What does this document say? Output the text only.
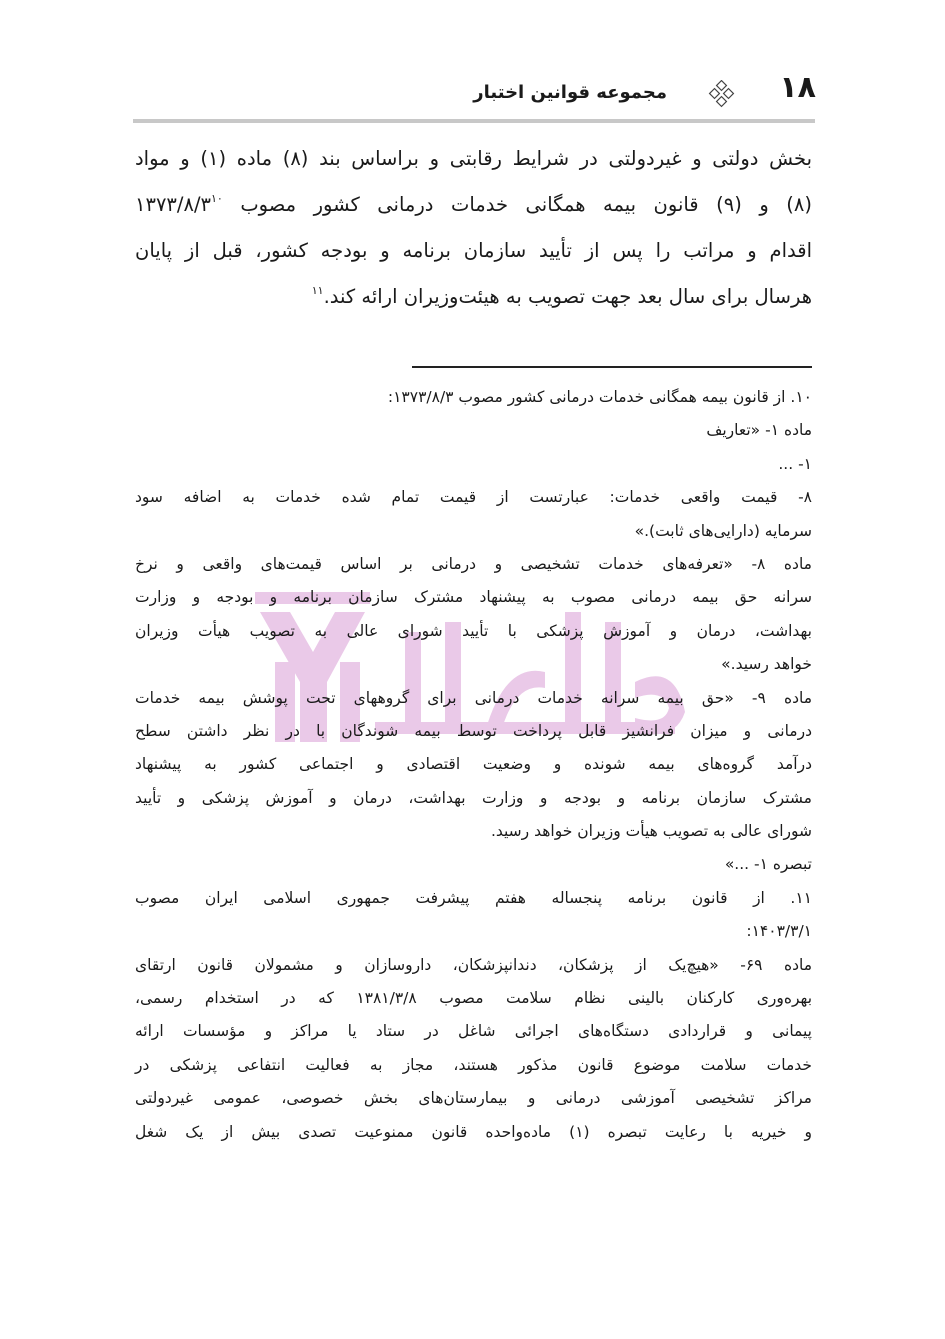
۱۸
مجموعه قوانین اختبار
بخش دولتی و غیردولتی در شرایط رقابتی و براساس بند (۸) ماده (۱) و مواد
(۸) و (۹) قانون بیمه همگانی خدمات درمانی کشور مصوب $۱۳۷۳/۸/۳^{۱۰}$
اقدام و مراتب را پس از تأیید سازمان برنامه و بودجه کشور، قبل از پایان
هرسال برای سال بعد جهت تصویب به هیئت‌وزیران ارائه کند.$^{۱۱}$
۱۰. از قانون بیمه همگانی خدمات درمانی کشور مصوب ۱۳۷۳/۸/۳:
ماده ۱- «تعاریف
۱- ...
۸- قیمت واقعی خدمات: عبارتست از قیمت تمام شده خدمات به اضافه سود
سرمایه (دارایی‌های ثابت).»
ماده ۸- «تعرفه‌های خدمات تشخیصی و درمانی بر اساس قیمت‌های واقعی و نرخ
سرانه حق بیمه درمانی مصوب به پیشنهاد مشترک سازمان برنامه و بودجه و وزارت
بهداشت، درمان و آموزش پزشکی با تأیید شورای عالی به تصویب هیأت وزیران
خواهد رسید.»
ماده ۹- «حق بیمه سرانه خدمات درمانی برای گروههای تحت پوشش بیمه خدمات
درمانی و میزان فرانشیز قابل پرداخت توسط بیمه شوندگان با در نظر داشتن سطح
درآمد گروه‌های بیمه شونده و وضعیت اقتصادی و اجتماعی کشور به پیشنهاد
مشترک سازمان برنامه و بودجه و وزارت بهداشت، درمان و آموزش پزشکی و تأیید
شورای عالی به تصویب هیأت وزیران خواهد رسید.
تبصره ۱- ...»
۱۱. از قانون برنامه پنجساله هفتم پیشرفت جمهوری اسلامی ایران مصوب
۱۴۰۳/۳/۱:
ماده ۶۹- «هیچ‌یک از پزشکان، دندانپزشکان، داروسازان و مشمولان قانون ارتقای
بهره‌وری کارکنان بالینی نظام سلامت مصوب ۱۳۸۱/۳/۸ که در استخدام رسمی،
پیمانی و قراردادی دستگاه‌های اجرائی شاغل در ستاد یا مراکز و مؤسسات ارائه
خدمات سلامت موضوع قانون مذکور هستند، مجاز به فعالیت انتفاعی پزشکی در
مراکز تشخیصی آموزشی درمانی و بیمارستان‌های بخش خصوصی، عمومی غیردولتی
و خیریه با رعایت تبصره (۱) ماده‌واحده قانون ممنوعیت تصدی بیش از یک شغل
